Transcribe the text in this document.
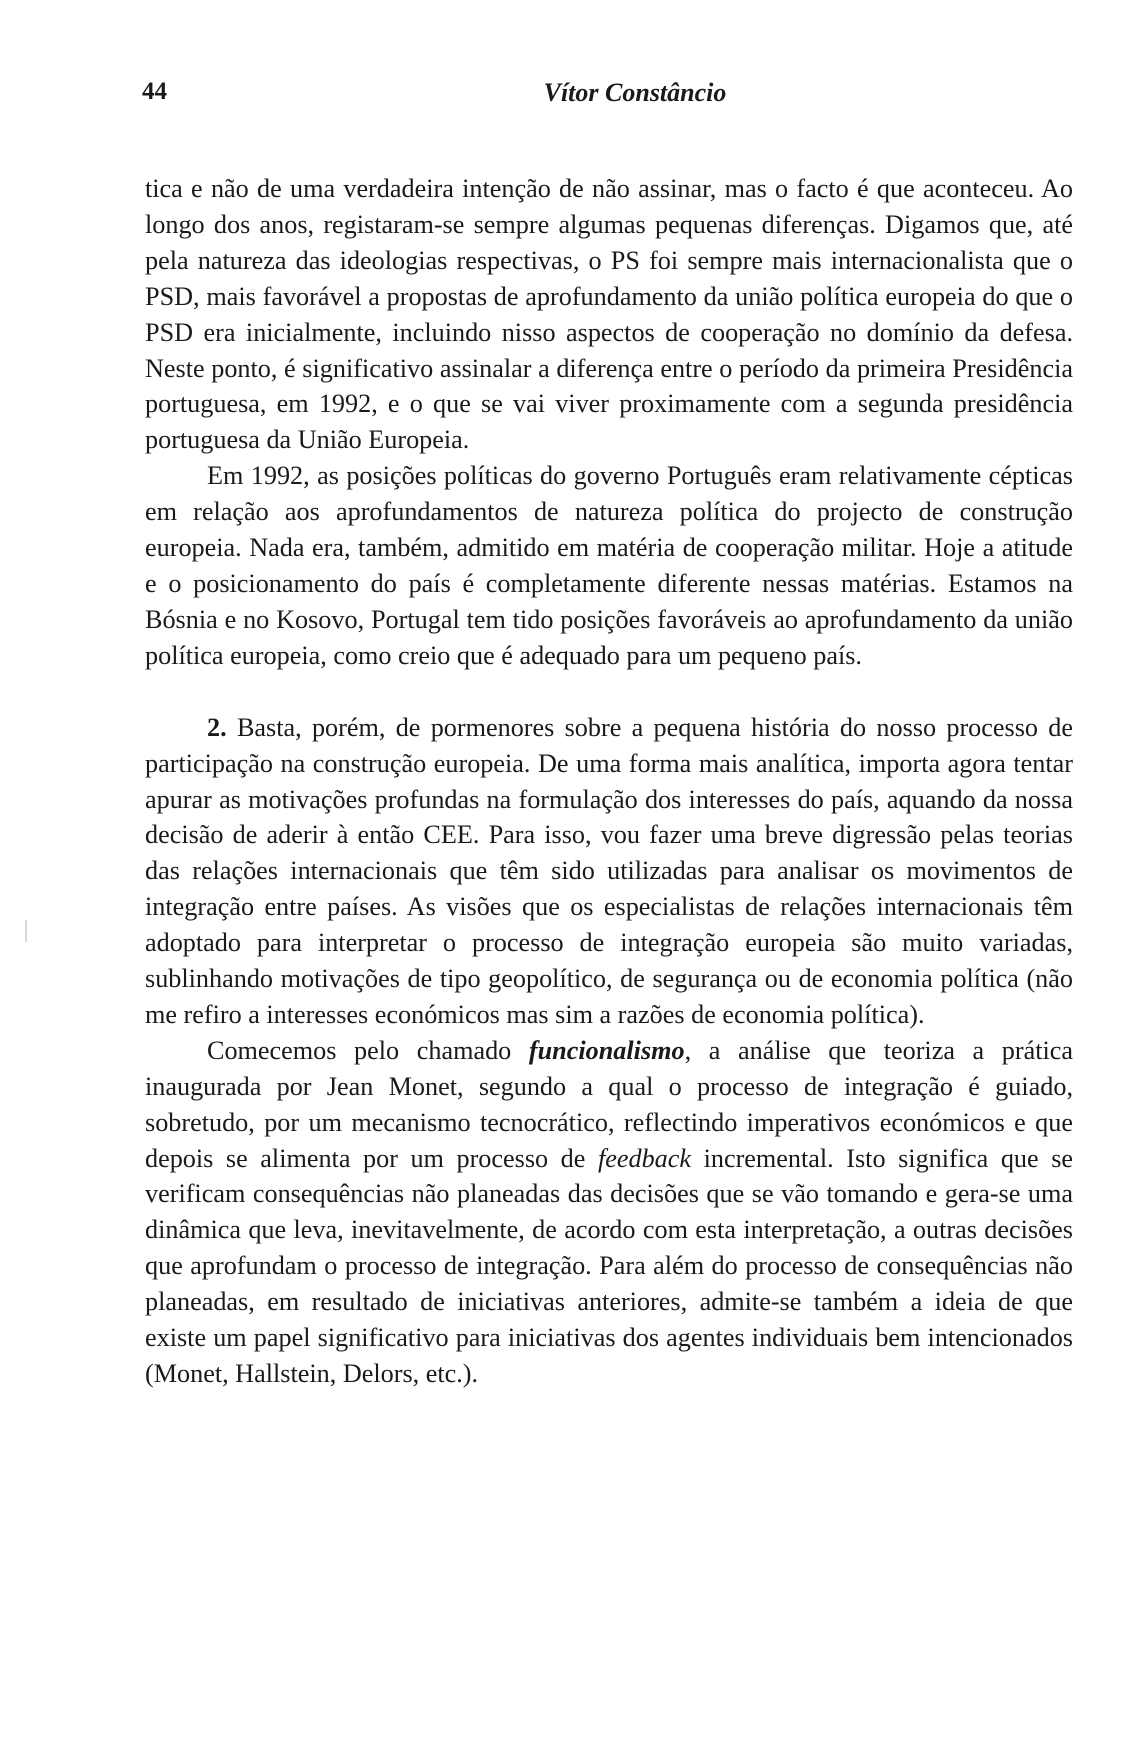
44	Vítor Constâncio

tica e não de uma verdadeira intenção de não assinar, mas o facto é que aconteceu. Ao longo dos anos, registaram-se sempre algumas pequenas diferenças. Digamos que, até pela natureza das ideologias respectivas, o PS foi sempre mais internacionalista que o PSD, mais favorável a propostas de aprofundamento da união política europeia do que o PSD era inicialmente, incluindo nisso aspectos de cooperação no domínio da defesa. Neste ponto, é significativo assinalar a diferença entre o período da primeira Presidência portuguesa, em 1992, e o que se vai viver proximamente com a segunda presidência portuguesa da União Europeia.

Em 1992, as posições políticas do governo Português eram relativamente cépticas em relação aos aprofundamentos de natureza política do projecto de construção europeia. Nada era, também, admitido em matéria de cooperação militar. Hoje a atitude e o posicionamento do país é completamente diferente nessas matérias. Estamos na Bósnia e no Kosovo, Portugal tem tido posições favoráveis ao aprofundamento da união política europeia, como creio que é adequado para um pequeno país.

2. Basta, porém, de pormenores sobre a pequena história do nosso processo de participação na construção europeia. De uma forma mais analítica, importa agora tentar apurar as motivações profundas na formulação dos interesses do país, aquando da nossa decisão de aderir à então CEE. Para isso, vou fazer uma breve digressão pelas teorias das relações internacionais que têm sido utilizadas para analisar os movimentos de integração entre países. As visões que os especialistas de relações internacionais têm adoptado para interpretar o processo de integração europeia são muito variadas, sublinhando motivações de tipo geopolítico, de segurança ou de economia política (não me refiro a interesses económicos mas sim a razões de economia política).

Comecemos pelo chamado funcionalismo, a análise que teoriza a prática inaugurada por Jean Monet, segundo a qual o processo de integração é guiado, sobretudo, por um mecanismo tecnocrático, reflectindo imperativos económicos e que depois se alimenta por um processo de feedback incremental. Isto significa que se verificam consequências não planeadas das decisões que se vão tomando e gera-se uma dinâmica que leva, inevitavelmente, de acordo com esta interpretação, a outras decisões que aprofundam o processo de integração. Para além do processo de consequências não planeadas, em resultado de iniciativas anteriores, admite-se também a ideia de que existe um papel significativo para iniciativas dos agentes individuais bem intencionados (Monet, Hallstein, Delors, etc.).
